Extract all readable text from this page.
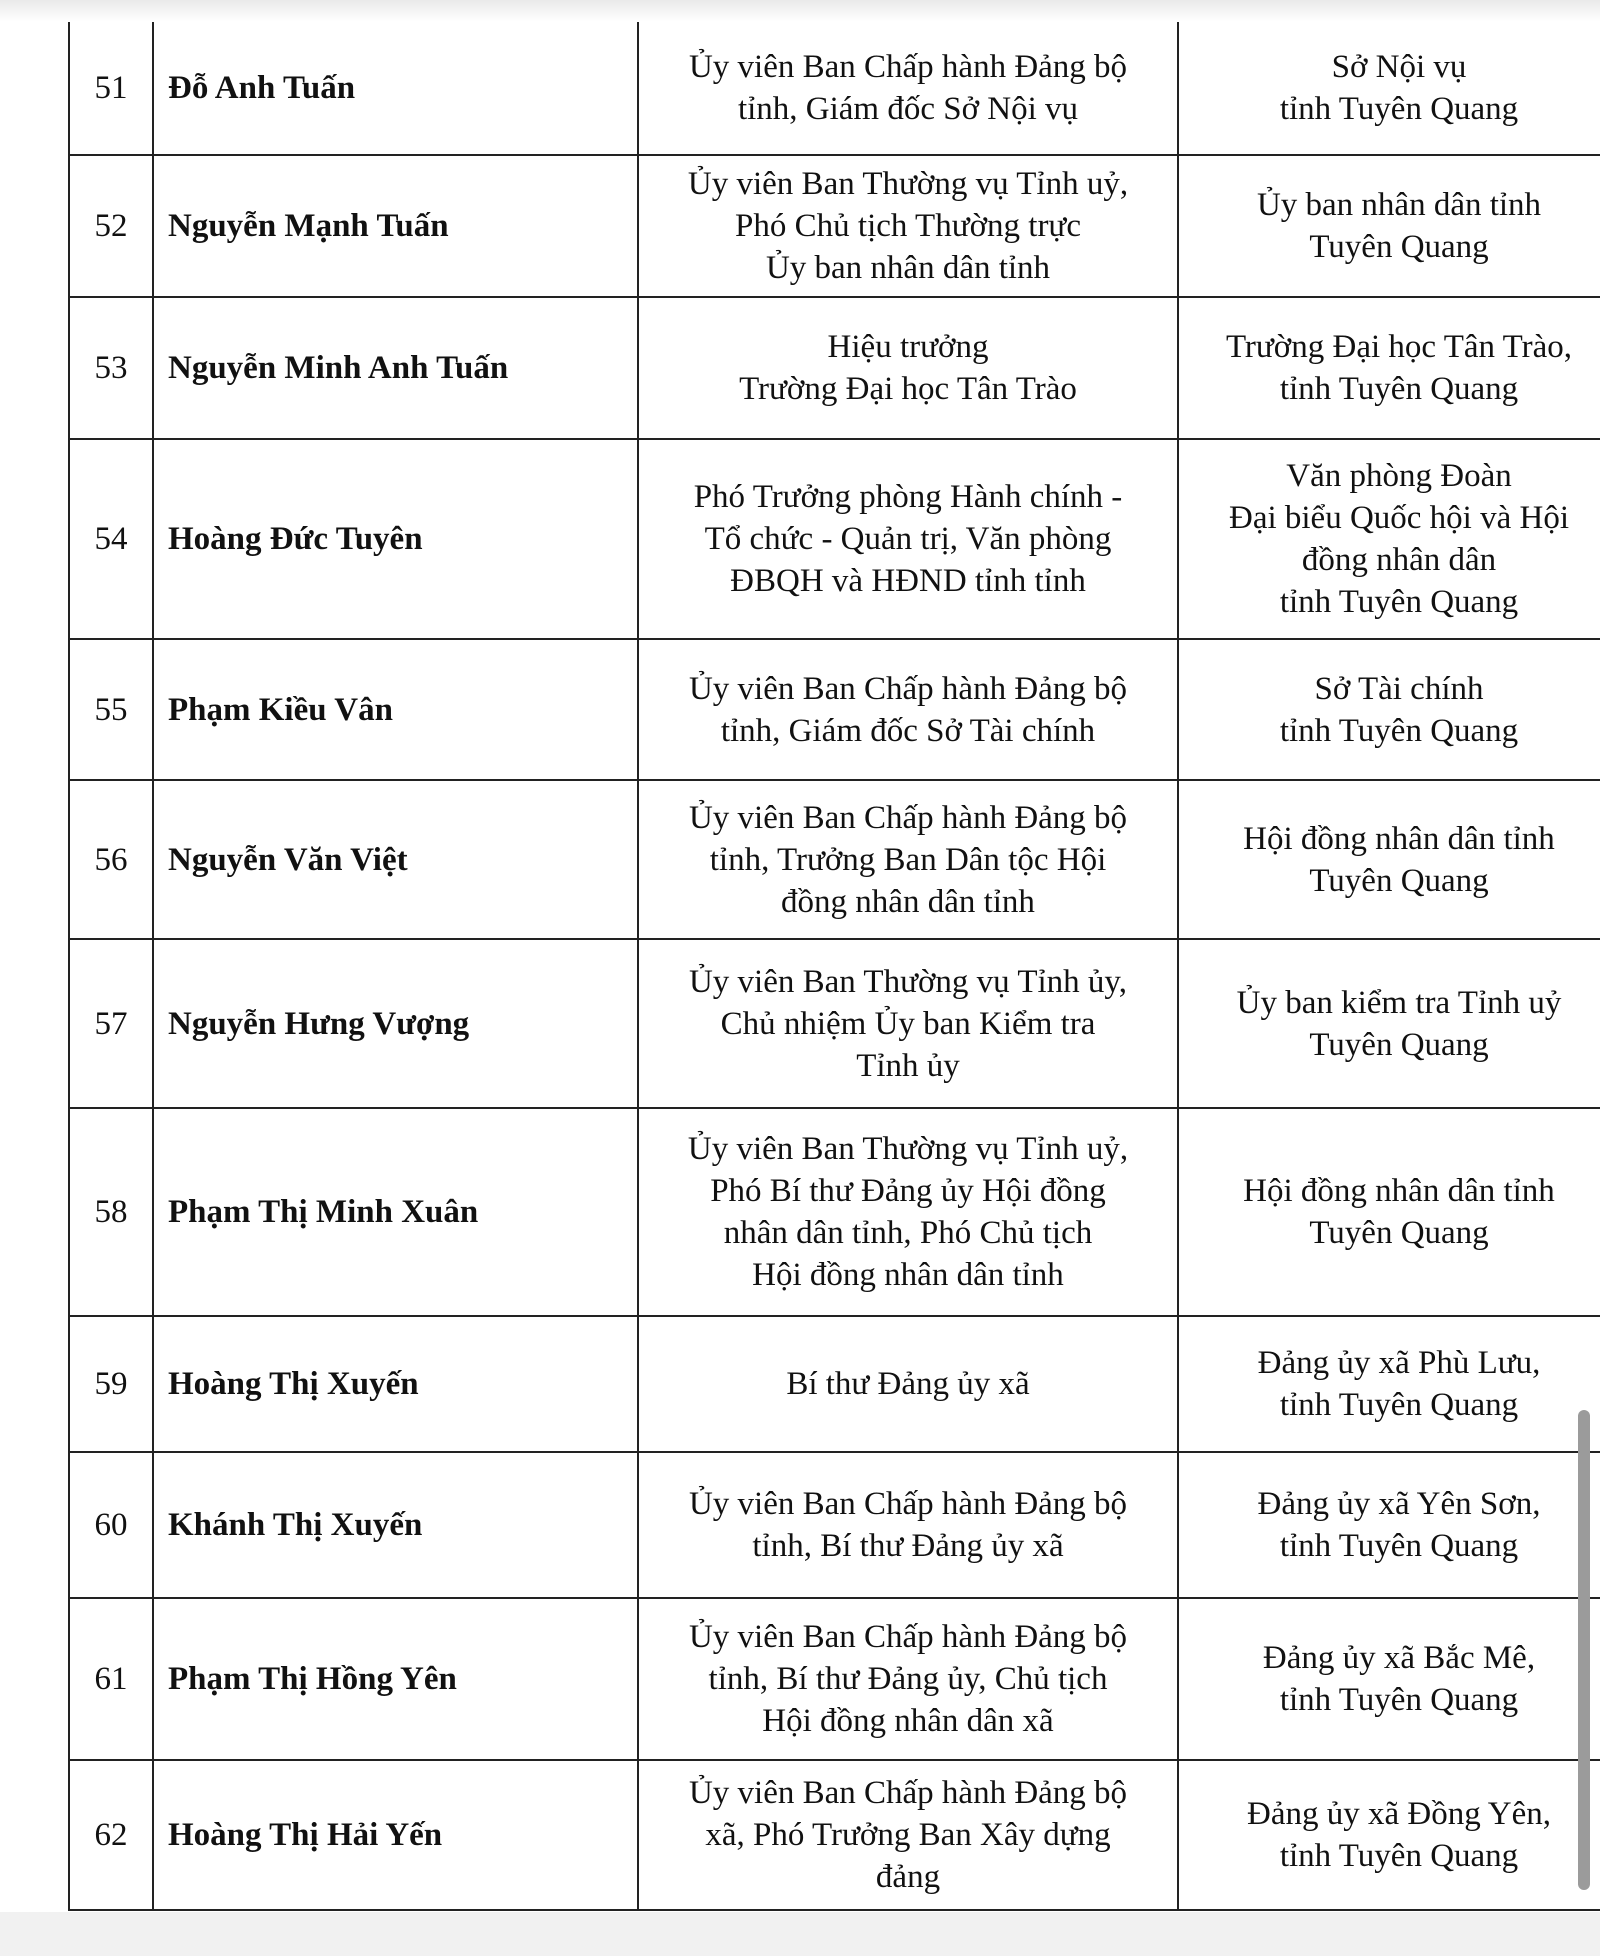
51	Đỗ Anh Tuấn	Ủy viên Ban Chấp hành Đảng bộ
tỉnh, Giám đốc Sở Nội vụ	Sở Nội vụ
tỉnh Tuyên Quang
52	Nguyễn Mạnh Tuấn	Ủy viên Ban Thường vụ Tỉnh uỷ,
Phó Chủ tịch Thường trực
Ủy ban nhân dân tỉnh	Ủy ban nhân dân tỉnh
Tuyên Quang
53	Nguyễn Minh Anh Tuấn	Hiệu trưởng
Trường Đại học Tân Trào	Trường Đại học Tân Trào,
tỉnh Tuyên Quang
54	Hoàng Đức Tuyên	Phó Trưởng phòng Hành chính -
Tổ chức - Quản trị, Văn phòng
ĐBQH và HĐND tỉnh tỉnh	Văn phòng Đoàn
Đại biểu Quốc hội và Hội
đồng nhân dân
tỉnh Tuyên Quang
55	Phạm Kiều Vân	Ủy viên Ban Chấp hành Đảng bộ
tỉnh, Giám đốc Sở Tài chính	Sở Tài chính
tỉnh Tuyên Quang
56	Nguyễn Văn Việt	Ủy viên Ban Chấp hành Đảng bộ
tỉnh, Trưởng Ban Dân tộc Hội
đồng nhân dân tỉnh	Hội đồng nhân dân tỉnh
Tuyên Quang
57	Nguyễn Hưng Vượng	Ủy viên Ban Thường vụ Tỉnh ủy,
Chủ nhiệm Ủy ban Kiểm tra
Tỉnh ủy	Ủy ban kiểm tra Tỉnh uỷ
Tuyên Quang
58	Phạm Thị Minh Xuân	Ủy viên Ban Thường vụ Tỉnh uỷ,
Phó Bí thư Đảng ủy Hội đồng
nhân dân tỉnh, Phó Chủ tịch
Hội đồng nhân dân tỉnh	Hội đồng nhân dân tỉnh
Tuyên Quang
59	Hoàng Thị Xuyến	Bí thư Đảng ủy xã	Đảng ủy xã Phù Lưu,
tỉnh Tuyên Quang
60	Khánh Thị Xuyến	Ủy viên Ban Chấp hành Đảng bộ
tỉnh, Bí thư Đảng ủy xã	Đảng ủy xã Yên Sơn,
tỉnh Tuyên Quang
61	Phạm Thị Hồng Yên	Ủy viên Ban Chấp hành Đảng bộ
tỉnh, Bí thư Đảng ủy, Chủ tịch
Hội đồng nhân dân xã	Đảng ủy xã Bắc Mê,
tỉnh Tuyên Quang
62	Hoàng Thị Hải Yến	Ủy viên Ban Chấp hành Đảng bộ
xã, Phó Trưởng Ban Xây dựng
đảng	Đảng ủy xã Đồng Yên,
tỉnh Tuyên Quang
